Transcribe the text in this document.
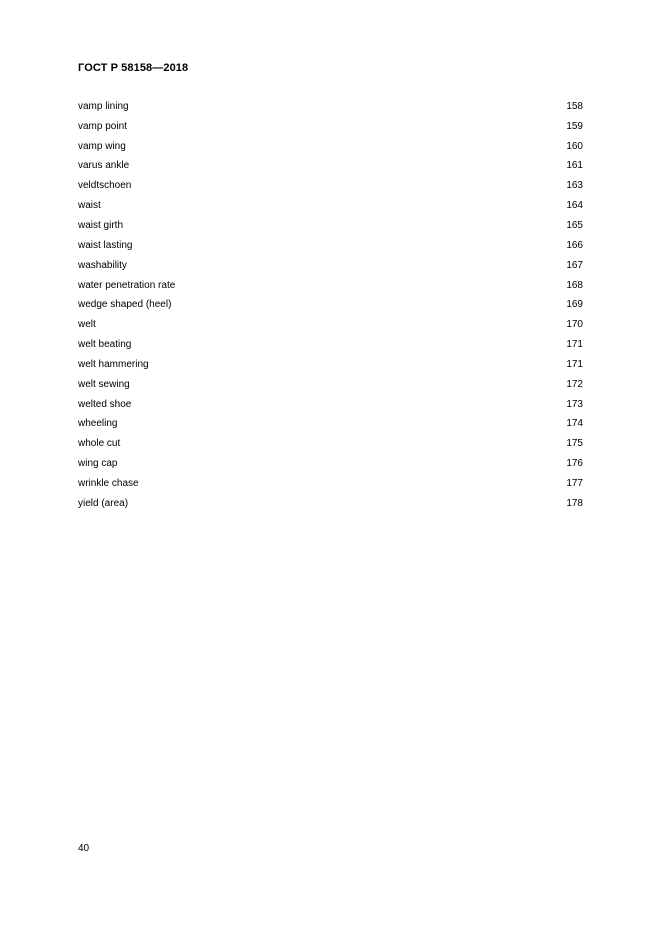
ГОСТ Р 58158—2018
vamp lining	158
vamp point	159
vamp wing	160
varus ankle	161
veldtschoen	163
waist	164
waist girth	165
waist lasting	166
washability	167
water penetration rate	168
wedge shaped (heel)	169
welt	170
welt beating	171
welt hammering	171
welt sewing	172
welted shoe	173
wheeling	174
whole cut	175
wing cap	176
wrinkle chase	177
yield (area)	178
40
